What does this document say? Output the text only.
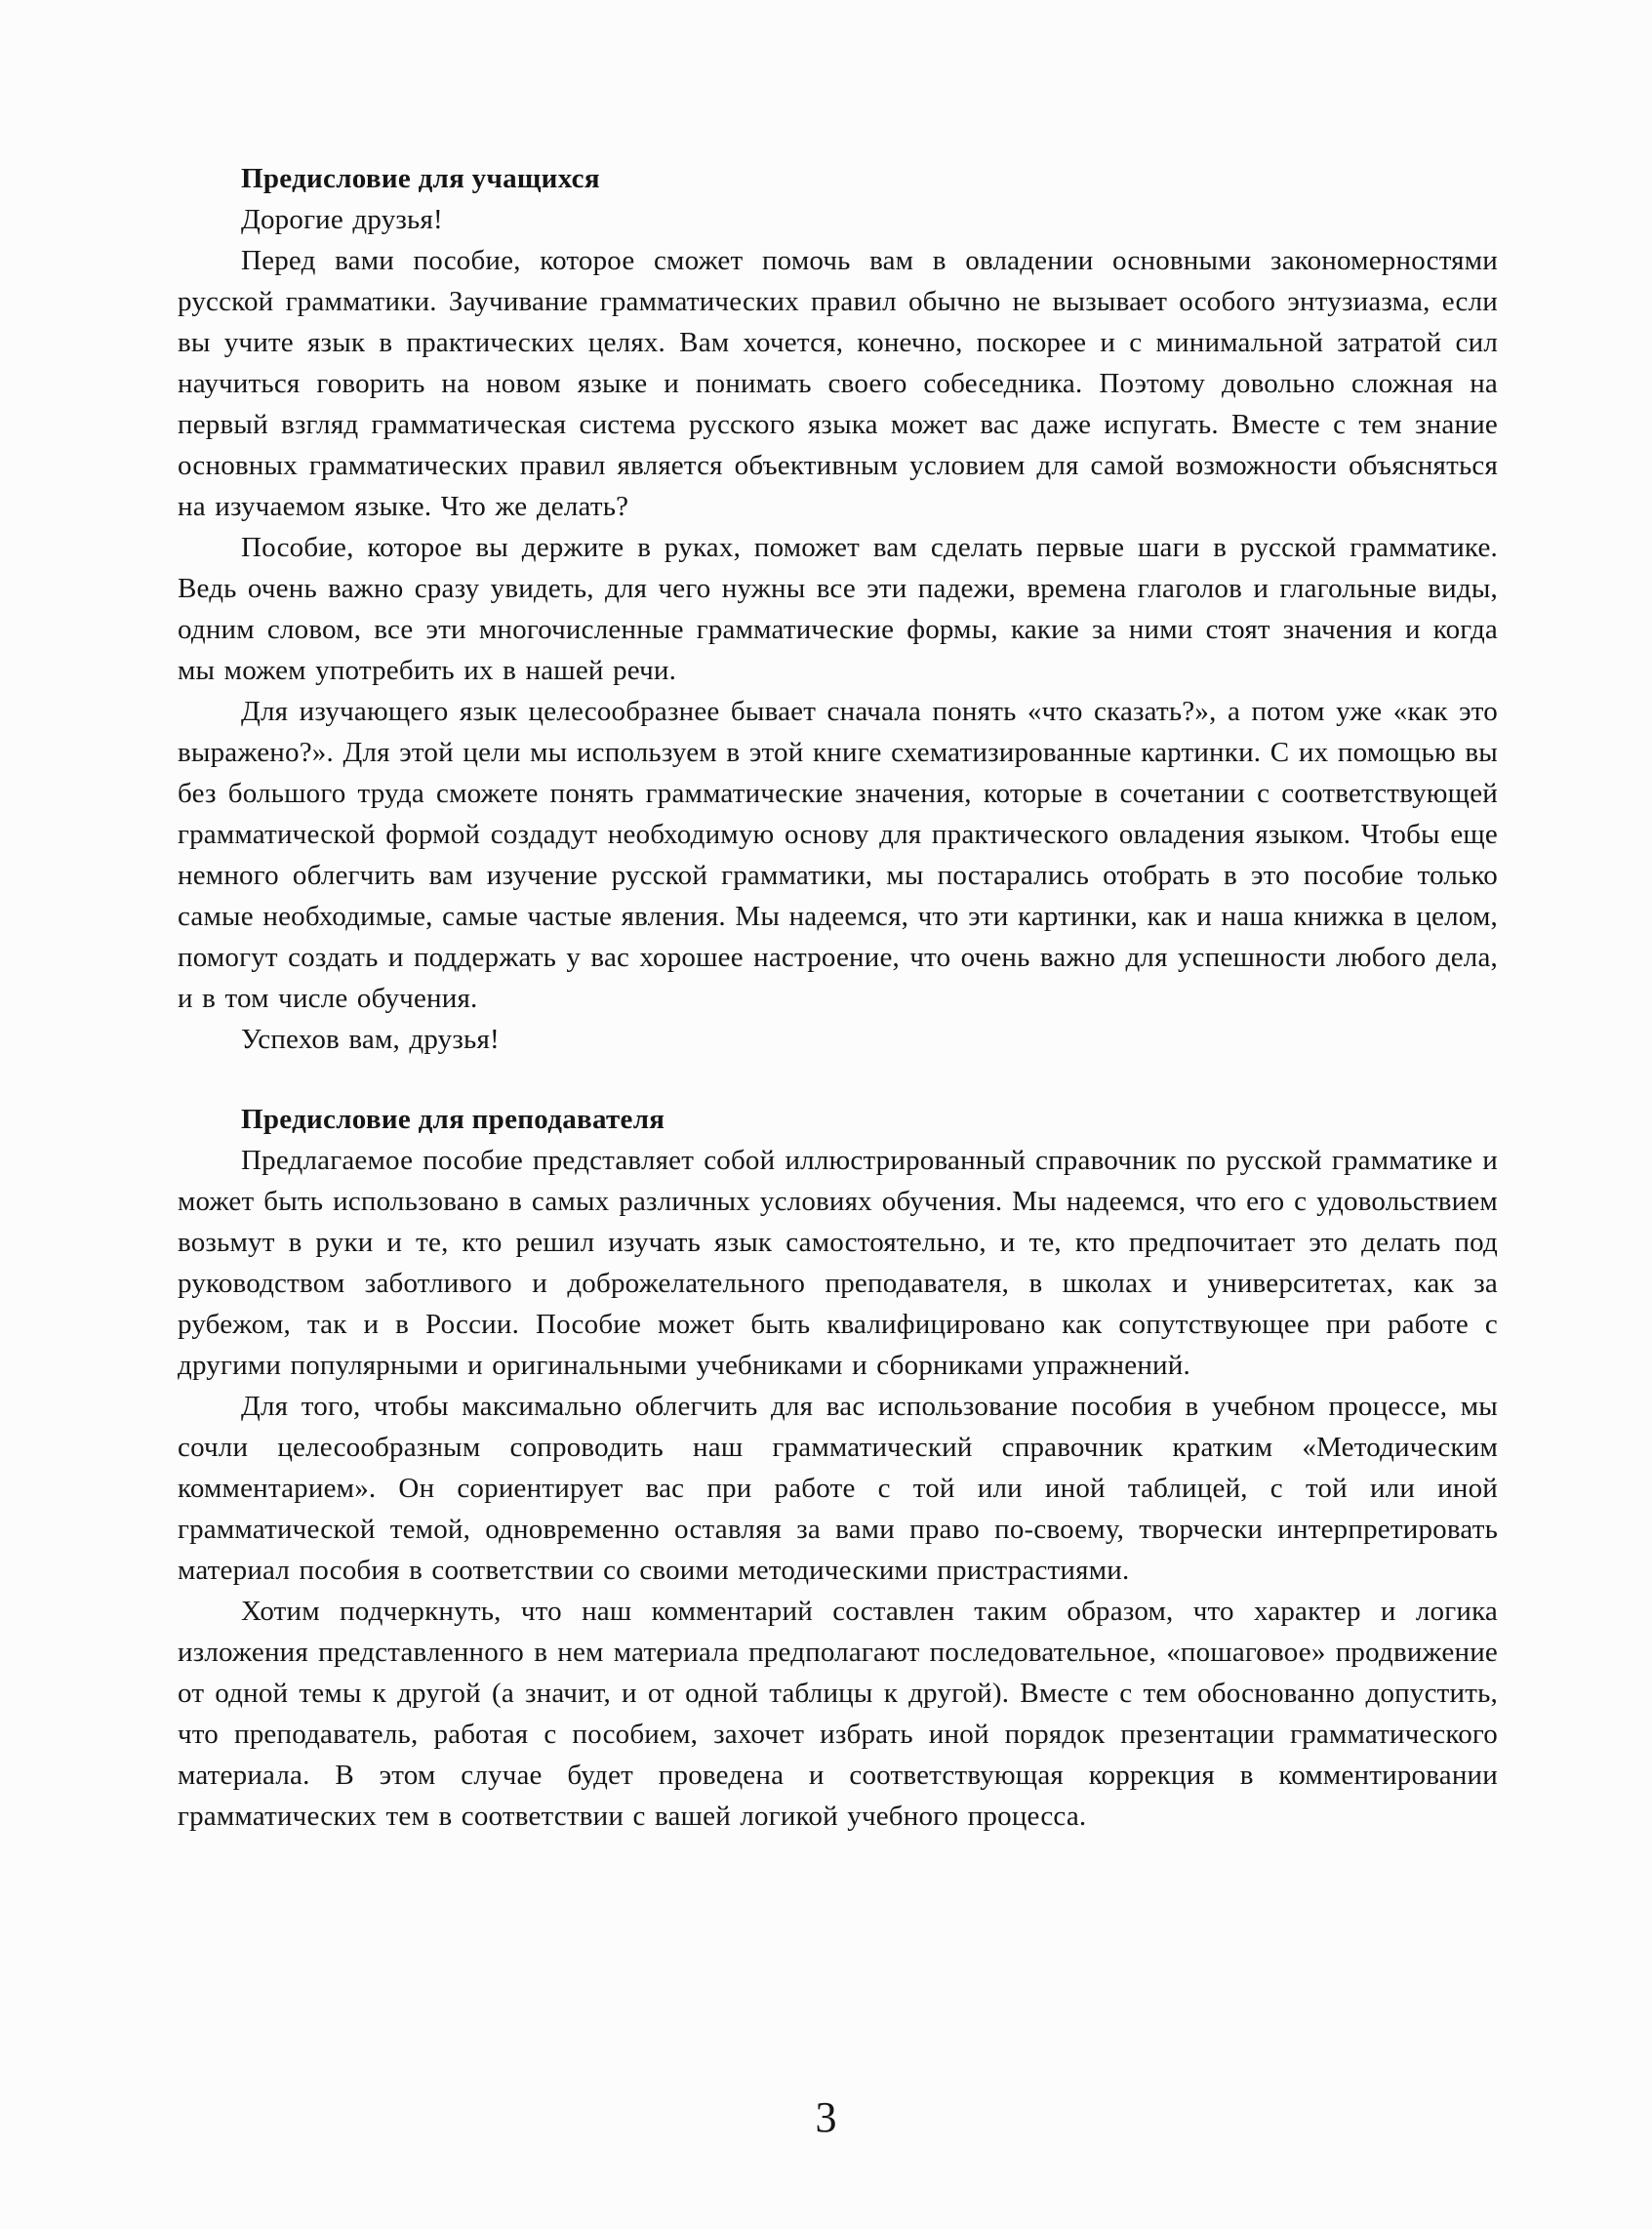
Предисловие для учащихся

Дорогие друзья!

Перед вами пособие, которое сможет помочь вам в овладении основными закономерностями русской грамматики. Заучивание грамматических правил обычно не вызывает особого энтузиазма, если вы учите язык в практических целях. Вам хочется, конечно, поскорее и с минимальной затратой сил научиться говорить на новом языке и понимать своего собеседника. Поэтому довольно сложная на первый взгляд грамматическая система русского языка может вас даже испугать. Вместе с тем знание основных грамматических правил является объективным условием для самой возможности объясняться на изучаемом языке. Что же делать?

Пособие, которое вы держите в руках, поможет вам сделать первые шаги в русской грамматике. Ведь очень важно сразу увидеть, для чего нужны все эти падежи, времена глаголов и глагольные виды, одним словом, все эти многочисленные грамматические формы, какие за ними стоят значения и когда мы можем употребить их в нашей речи.

Для изучающего язык целесообразнее бывает сначала понять «что сказать?», а потом уже «как это выражено?». Для этой цели мы используем в этой книге схематизированные картинки. С их помощью вы без большого труда сможете понять грамматические значения, которые в сочетании с соответствующей грамматической формой создадут необходимую основу для практического овладения языком. Чтобы еще немного облегчить вам изучение русской грамматики, мы постарались отобрать в это пособие только самые необходимые, самые частые явления. Мы надеемся, что эти картинки, как и наша книжка в целом, помогут создать и поддержать у вас хорошее настроение, что очень важно для успешности любого дела, и в том числе обучения.

Успехов вам, друзья!

Предисловие для преподавателя

Предлагаемое пособие представляет собой иллюстрированный справочник по русской грамматике и может быть использовано в самых различных условиях обучения. Мы надеемся, что его с удовольствием возьмут в руки и те, кто решил изучать язык самостоятельно, и те, кто предпочитает это делать под руководством заботливого и доброжелательного преподавателя, в школах и университетах, как за рубежом, так и в России. Пособие может быть квалифицировано как сопутствующее при работе с другими популярными и оригинальными учебниками и сборниками упражнений.

Для того, чтобы максимально облегчить для вас использование пособия в учебном процессе, мы сочли целесообразным сопроводить наш грамматический справочник кратким «Методическим комментарием». Он сориентирует вас при работе с той или иной таблицей, с той или иной грамматической темой, одновременно оставляя за вами право по-своему, творчески интерпретировать материал пособия в соответствии со своими методическими пристрастиями.

Хотим подчеркнуть, что наш комментарий составлен таким образом, что характер и логика изложения представленного в нем материала предполагают последовательное, «пошаговое» продвижение от одной темы к другой (а значит, и от одной таблицы к другой). Вместе с тем обоснованно допустить, что преподаватель, работая с пособием, захочет избрать иной порядок презентации грамматического материала. В этом случае будет проведена и соответствующая коррекция в комментировании грамматических тем в соответствии с вашей логикой учебного процесса.

3
